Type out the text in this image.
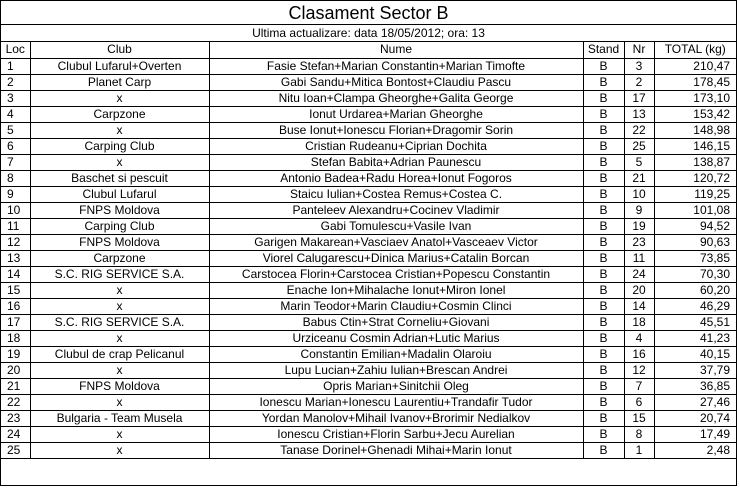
Clasament Sector B
Ultima actualizare: data 18/05/2012; ora: 13
Loc	Club	Nume	Stand	Nr	TOTAL (kg)
1	Clubul Lufarul+Overten	Fasie Stefan+Marian Constantin+Marian Timofte	B	3	210,47
2	Planet Carp	Gabi Sandu+Mitica Bontost+Claudiu Pascu	B	2	178,45
3	x	Nitu Ioan+Clampa Gheorghe+Galita George	B	17	173,10
4	Carpzone	Ionut Urdarea+Marian Gheorghe	B	13	153,42
5	x	Buse Ionut+Ionescu Florian+Dragomir Sorin	B	22	148,98
6	Carping Club	Cristian Rudeanu+Ciprian Dochita	B	25	146,15
7	x	Stefan Babita+Adrian Paunescu	B	5	138,87
8	Baschet si pescuit	Antonio Badea+Radu Horea+Ionut Fogoros	B	21	120,72
9	Clubul Lufarul	Staicu Iulian+Costea Remus+Costea C.	B	10	119,25
10	FNPS Moldova	Panteleev Alexandru+Cocinev Vladimir	B	9	101,08
11	Carping Club	Gabi Tomulescu+Vasile Ivan	B	19	94,52
12	FNPS Moldova	Garigen Makarean+Vasciaev Anatol+Vasceaev Victor	B	23	90,63
13	Carpzone	Viorel Calugarescu+Dinica Marius+Catalin Borcan	B	11	73,85
14	S.C. RIG SERVICE S.A.	Carstocea Florin+Carstocea Cristian+Popescu Constantin	B	24	70,30
15	x	Enache Ion+Mihalache Ionut+Miron Ionel	B	20	60,20
16	x	Marin Teodor+Marin Claudiu+Cosmin Clinci	B	14	46,29
17	S.C. RIG SERVICE S.A.	Babus Ctin+Strat Corneliu+Giovani	B	18	45,51
18	x	Urziceanu Cosmin Adrian+Lutic Marius	B	4	41,23
19	Clubul de crap Pelicanul	Constantin Emilian+Madalin Olaroiu	B	16	40,15
20	x	Lupu Lucian+Zahiu Iulian+Brescan Andrei	B	12	37,79
21	FNPS Moldova	Opris Marian+Sinitchii Oleg	B	7	36,85
22	x	Ionescu Marian+Ionescu Laurentiu+Trandafir Tudor	B	6	27,46
23	Bulgaria - Team Musela	Yordan Manolov+Mihail Ivanov+Brorimir Nedialkov	B	15	20,74
24	x	Ionescu Cristian+Florin Sarbu+Jecu Aurelian	B	8	17,49
25	x	Tanase Dorinel+Ghenadi Mihai+Marin Ionut	B	1	2,48
